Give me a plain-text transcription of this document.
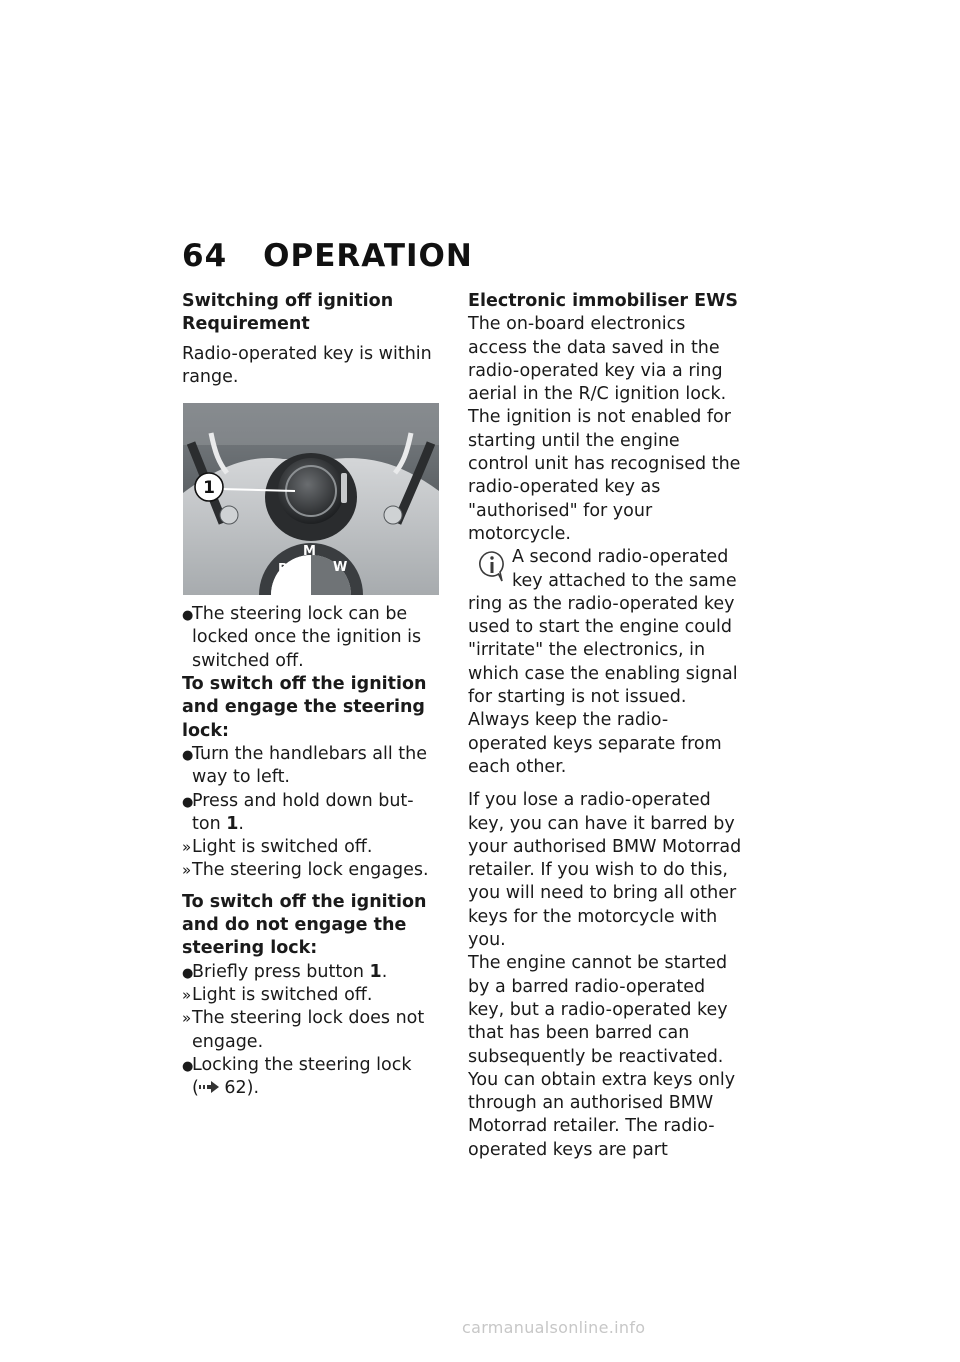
64 OPERATION

Switching off ignition

Requirement

Radio-operated key is within range.

B
M
W
1
●
The steering lock can be locked once the ignition is switched off.

To switch off the ignition and engage the steering lock:

●
Turn the handlebars all the way to left.
●
Press and hold down but-
ton 1.
» Light is switched off.
» The steering lock engages.

To switch off the ignition and do not engage the steering lock:

●
Briefly press button 1.
» Light is switched off.
» The steering lock does not engage.
●
Locking the steering lock
( 62).

Electronic immobiliser EWS

The on-board electronics access the data saved in the radio-operated key via a ring aerial in the R/C ignition lock. The ignition is not enabled for starting until the engine control unit has recognised the radio-operated key as "authorised" for your motorcycle.

A second radio-operated

key attached to the same

ring as the radio-operated key used to start the engine could "irritate" the electronics, in which case the enabling signal for starting is not issued. Always keep the radio-operated keys separate from each other.

If you lose a radio-operated key, you can have it barred by your authorised BMW Motorrad retailer. If you wish to do this, you will need to bring all other keys for the motorcycle with you.

The engine cannot be started by a barred radio-operated key, but a radio-operated key that has been barred can subsequently be reactivated.

You can obtain extra keys only through an authorised BMW Motorrad retailer. The radio-operated keys are part

carmanualsonline.info
